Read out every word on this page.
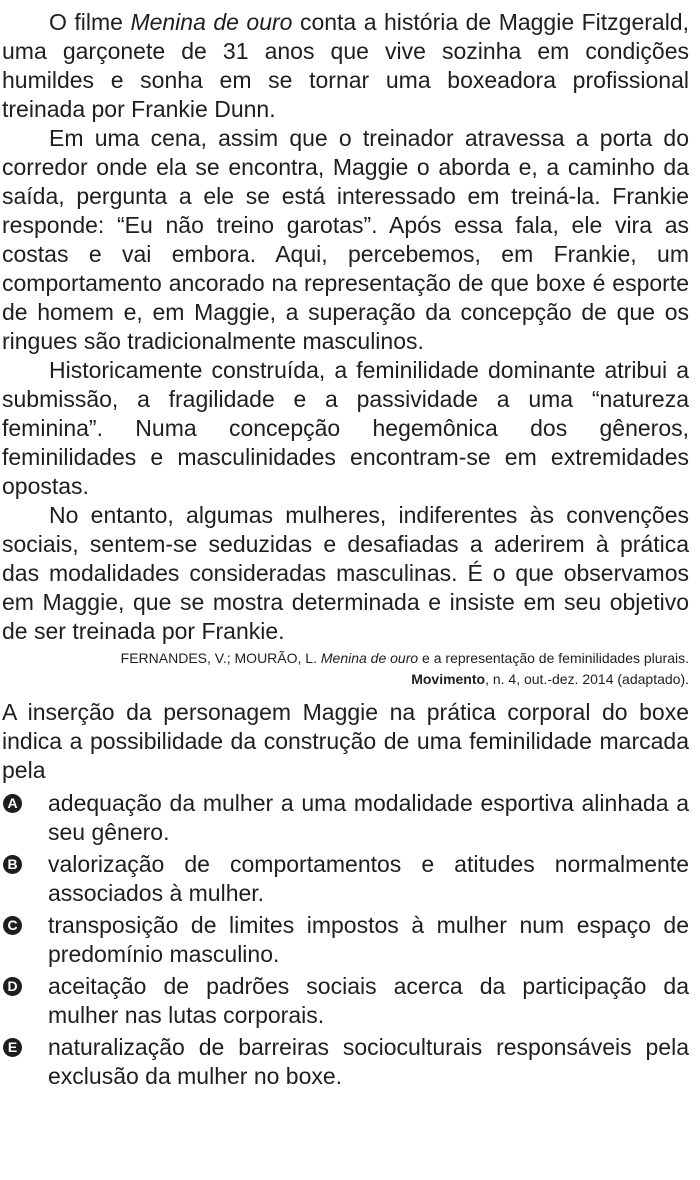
O filme Menina de ouro conta a história de Maggie Fitzgerald, uma garçonete de 31 anos que vive sozinha em condições humildes e sonha em se tornar uma boxeadora profissional treinada por Frankie Dunn.

Em uma cena, assim que o treinador atravessa a porta do corredor onde ela se encontra, Maggie o aborda e, a caminho da saída, pergunta a ele se está interessado em treiná-la. Frankie responde: “Eu não treino garotas”. Após essa fala, ele vira as costas e vai embora. Aqui, percebemos, em Frankie, um comportamento ancorado na representação de que boxe é esporte de homem e, em Maggie, a superação da concepção de que os ringues são tradicionalmente masculinos.

Historicamente construída, a feminilidade dominante atribui a submissão, a fragilidade e a passividade a uma “natureza feminina”. Numa concepção hegemônica dos gêneros, feminilidades e masculinidades encontram-se em extremidades opostas.

No entanto, algumas mulheres, indiferentes às convenções sociais, sentem-se seduzidas e desafiadas a aderirem à prática das modalidades consideradas masculinas. É o que observamos em Maggie, que se mostra determinada e insiste em seu objetivo de ser treinada por Frankie.

FERNANDES, V.; MOURÃO, L. Menina de ouro e a representação de feminilidades plurais.
Movimento, n. 4, out.-dez. 2014 (adaptado).
A inserção da personagem Maggie na prática corporal do boxe indica a possibilidade da construção de uma feminilidade marcada pela
A adequação da mulher a uma modalidade esportiva alinhada a seu gênero.
B valorização de comportamentos e atitudes normalmente associados à mulher.
C transposição de limites impostos à mulher num espaço de predomínio masculino.
D aceitação de padrões sociais acerca da participação da mulher nas lutas corporais.
E naturalização de barreiras socioculturais responsáveis pela exclusão da mulher no boxe.
